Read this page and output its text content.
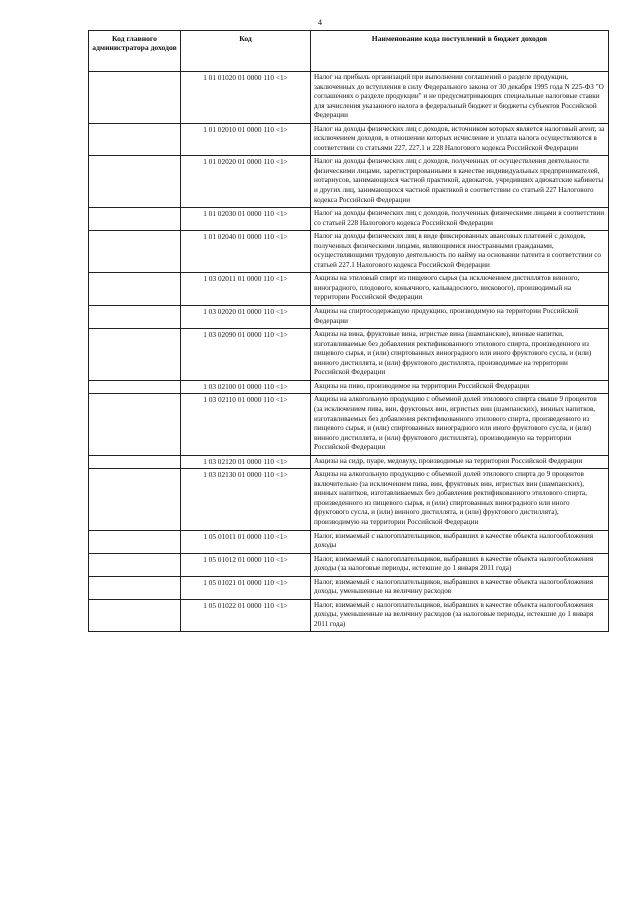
4
Код главного администратора доходов	Код	Наименование кода поступлений в бюджет доходов
	1 01 01020 01 0000 110 <1>	Налог на прибыль организаций при выполнении соглашений о разделе продукции, заключенных до вступления в силу Федерального закона от 30 декабря 1995 года N 225-ФЗ "О соглашениях о разделе продукции" и не предусматривающих специальные налоговые ставки для зачисления указанного налога в федеральный бюджет и бюджеты субъектов Российской Федерации
	1 01 02010 01 0000 110 <1>	Налог на доходы физических лиц с доходов, источником которых является налоговый агент, за исключением доходов, в отношении которых исчисление и уплата налога осуществляются в соответствии со статьями 227, 227.1 и 228 Налогового кодекса Российской Федерации
	1 01 02020 01 0000 110 <1>	Налог на доходы физических лиц с доходов, полученных от осуществления деятельности физическими лицами, зарегистрированными в качестве индивидуальных предпринимателей, нотариусов, занимающихся частной практикой, адвокатов, учредивших адвокатские кабинеты и других лиц, занимающихся частной практикой в соответствии со статьей 227 Налогового кодекса Российской Федерации
	1 01 02030 01 0000 110 <1>	Налог на доходы физических лиц с доходов, полученных физическими лицами в соответствии со статьей 228 Налогового кодекса Российской Федерации
	1 01 02040 01 0000 110 <1>	Налог на доходы физических лиц в виде фиксированных авансовых платежей с доходов, полученных физическими лицами, являющимися иностранными гражданами, осуществляющими трудовую деятельность по найму на основании патента в соответствии со статьей 227.1 Налогового кодекса Российской Федерации
	1 03 02011 01 0000 110 <1>	Акцизы на этиловый спирт из пищевого сырья (за исключением дистиллятов винного, виноградного, плодового, коньячного, кальвадосного, вискового), производимый на территории Российской Федерации
	1 03 02020 01 0000 110 <1>	Акцизы на спиртосодержащую продукцию, производимую на территории Российской Федерации
	1 03 02090 01 0000 110 <1>	Акцизы на вина, фруктовые вина, игристые вина (шампанские), винные напитки, изготавливаемые без добавления ректификованного этилового спирта, произведенного из пищевого сырья, и (или) спиртованных виноградного или иного фруктового сусла, и (или) винного дистиллята, и (или) фруктового дистиллята, производимые на территории Российской Федерации
	1 03 02100 01 0000 110 <1>	Акцизы на пиво, производимое на территории Российской Федерации
	1 03 02110 01 0000 110 <1>	Акцизы на алкогольную продукцию с объемной долей этилового спирта свыше 9 процентов (за исключением пива, вин, фруктовых вин, игристых вин (шампанских), винных напитков, изготавливаемых без добавления ректификованного этилового спирта, произведенного из пищевого сырья, и (или) спиртованных виноградного или иного фруктового сусла, и (или) винного дистиллята, и (или) фруктового дистиллята), производимую на территории Российской Федерации
	1 03 02120 01 0000 110 <1>	Акцизы на сидр, пуаре, медовуху, производимые на территории Российской Федерации
	1 03 02130 01 0000 110 <1>	Акцизы на алкогольную продукцию с объемной долей этилового спирта до 9 процентов включительно (за исключением пива, вин, фруктовых вин, игристых вин (шампанских), винных напитков, изготавливаемых без добавления ректификованного этилового спирта, произведенного из пищевого сырья, и (или) спиртованных виноградного или иного фруктового сусла, и (или) винного дистиллята, и (или) фруктового дистиллята), производимую на территории Российской Федерации
	1 05 01011 01 0000 110 <1>	Налог, взимаемый с налогоплательщиков, выбравших в качестве объекта налогообложения доходы
	1 05 01012 01 0000 110 <1>	Налог, взимаемый с налогоплательщиков, выбравших в качестве объекта налогообложения доходы (за налоговые периоды, истекшие до 1 января 2011 года)
	1 05 01021 01 0000 110 <1>	Налог, взимаемый с налогоплательщиков, выбравших в качестве объекта налогообложения доходы, уменьшенные на величину расходов
	1 05 01022 01 0000 110 <1>	Налог, взимаемый с налогоплательщиков, выбравших в качестве объекта налогообложения доходы, уменьшенные на величину расходов (за налоговые периоды, истекшие до 1 января 2011 года)
